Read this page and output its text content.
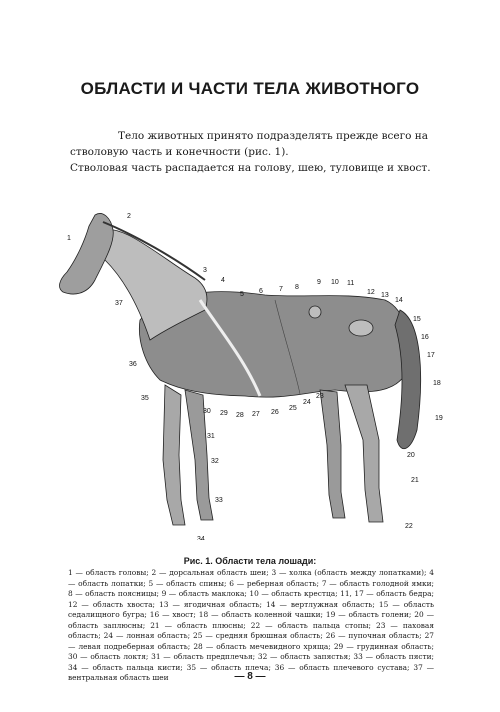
ОБЛАСТИ И ЧАСТИ ТЕЛА ЖИВОТНОГО

Тело животных принято подразделять прежде всего на стволовую часть и конечности (рис. 1).

Стволовая часть распадается на голову, шею, туловище и хвост.

1
2
3
4
5 6 7 8
9 10 11
12 13
14
15
16
17
18
19
20
21
22
23
24
25
26
27
28
29
30
31
32
33
34
35
36
37
Рис. 1. Области тела лошади:
1 — область головы; 2 — дорсальная область шеи; 3 — холка (область между лопатками); 4 — область лопатки; 5 — область спины; 6 — реберная область; 7 — область голодной ямки; 8 — область поясницы; 9 — область маклока; 10 — область крестца; 11, 17 — область бедра; 12 — область хвоста; 13 — ягодичная область; 14 — вертлужная область; 15 — область седалищного бугра; 16 — хвост; 18 — область коленной чашки; 19 — область голени; 20 — область заплюсны; 21 — область плюсны; 22 — область пальца стопы; 23 — паховая область; 24 — лонная область; 25 — средняя брюшная область; 26 — пупочная область; 27 — левая подреберная область; 28 — область мечевидного хряща; 29 — грудинная область; 30 — область локтя; 31 — область предплечья; 32 — область запястья; 33 — область пясти; 34 — область пальца кисти; 35 — область плеча; 36 — область плечевого сустава; 37 — вентральная область шеи	— 8 —
